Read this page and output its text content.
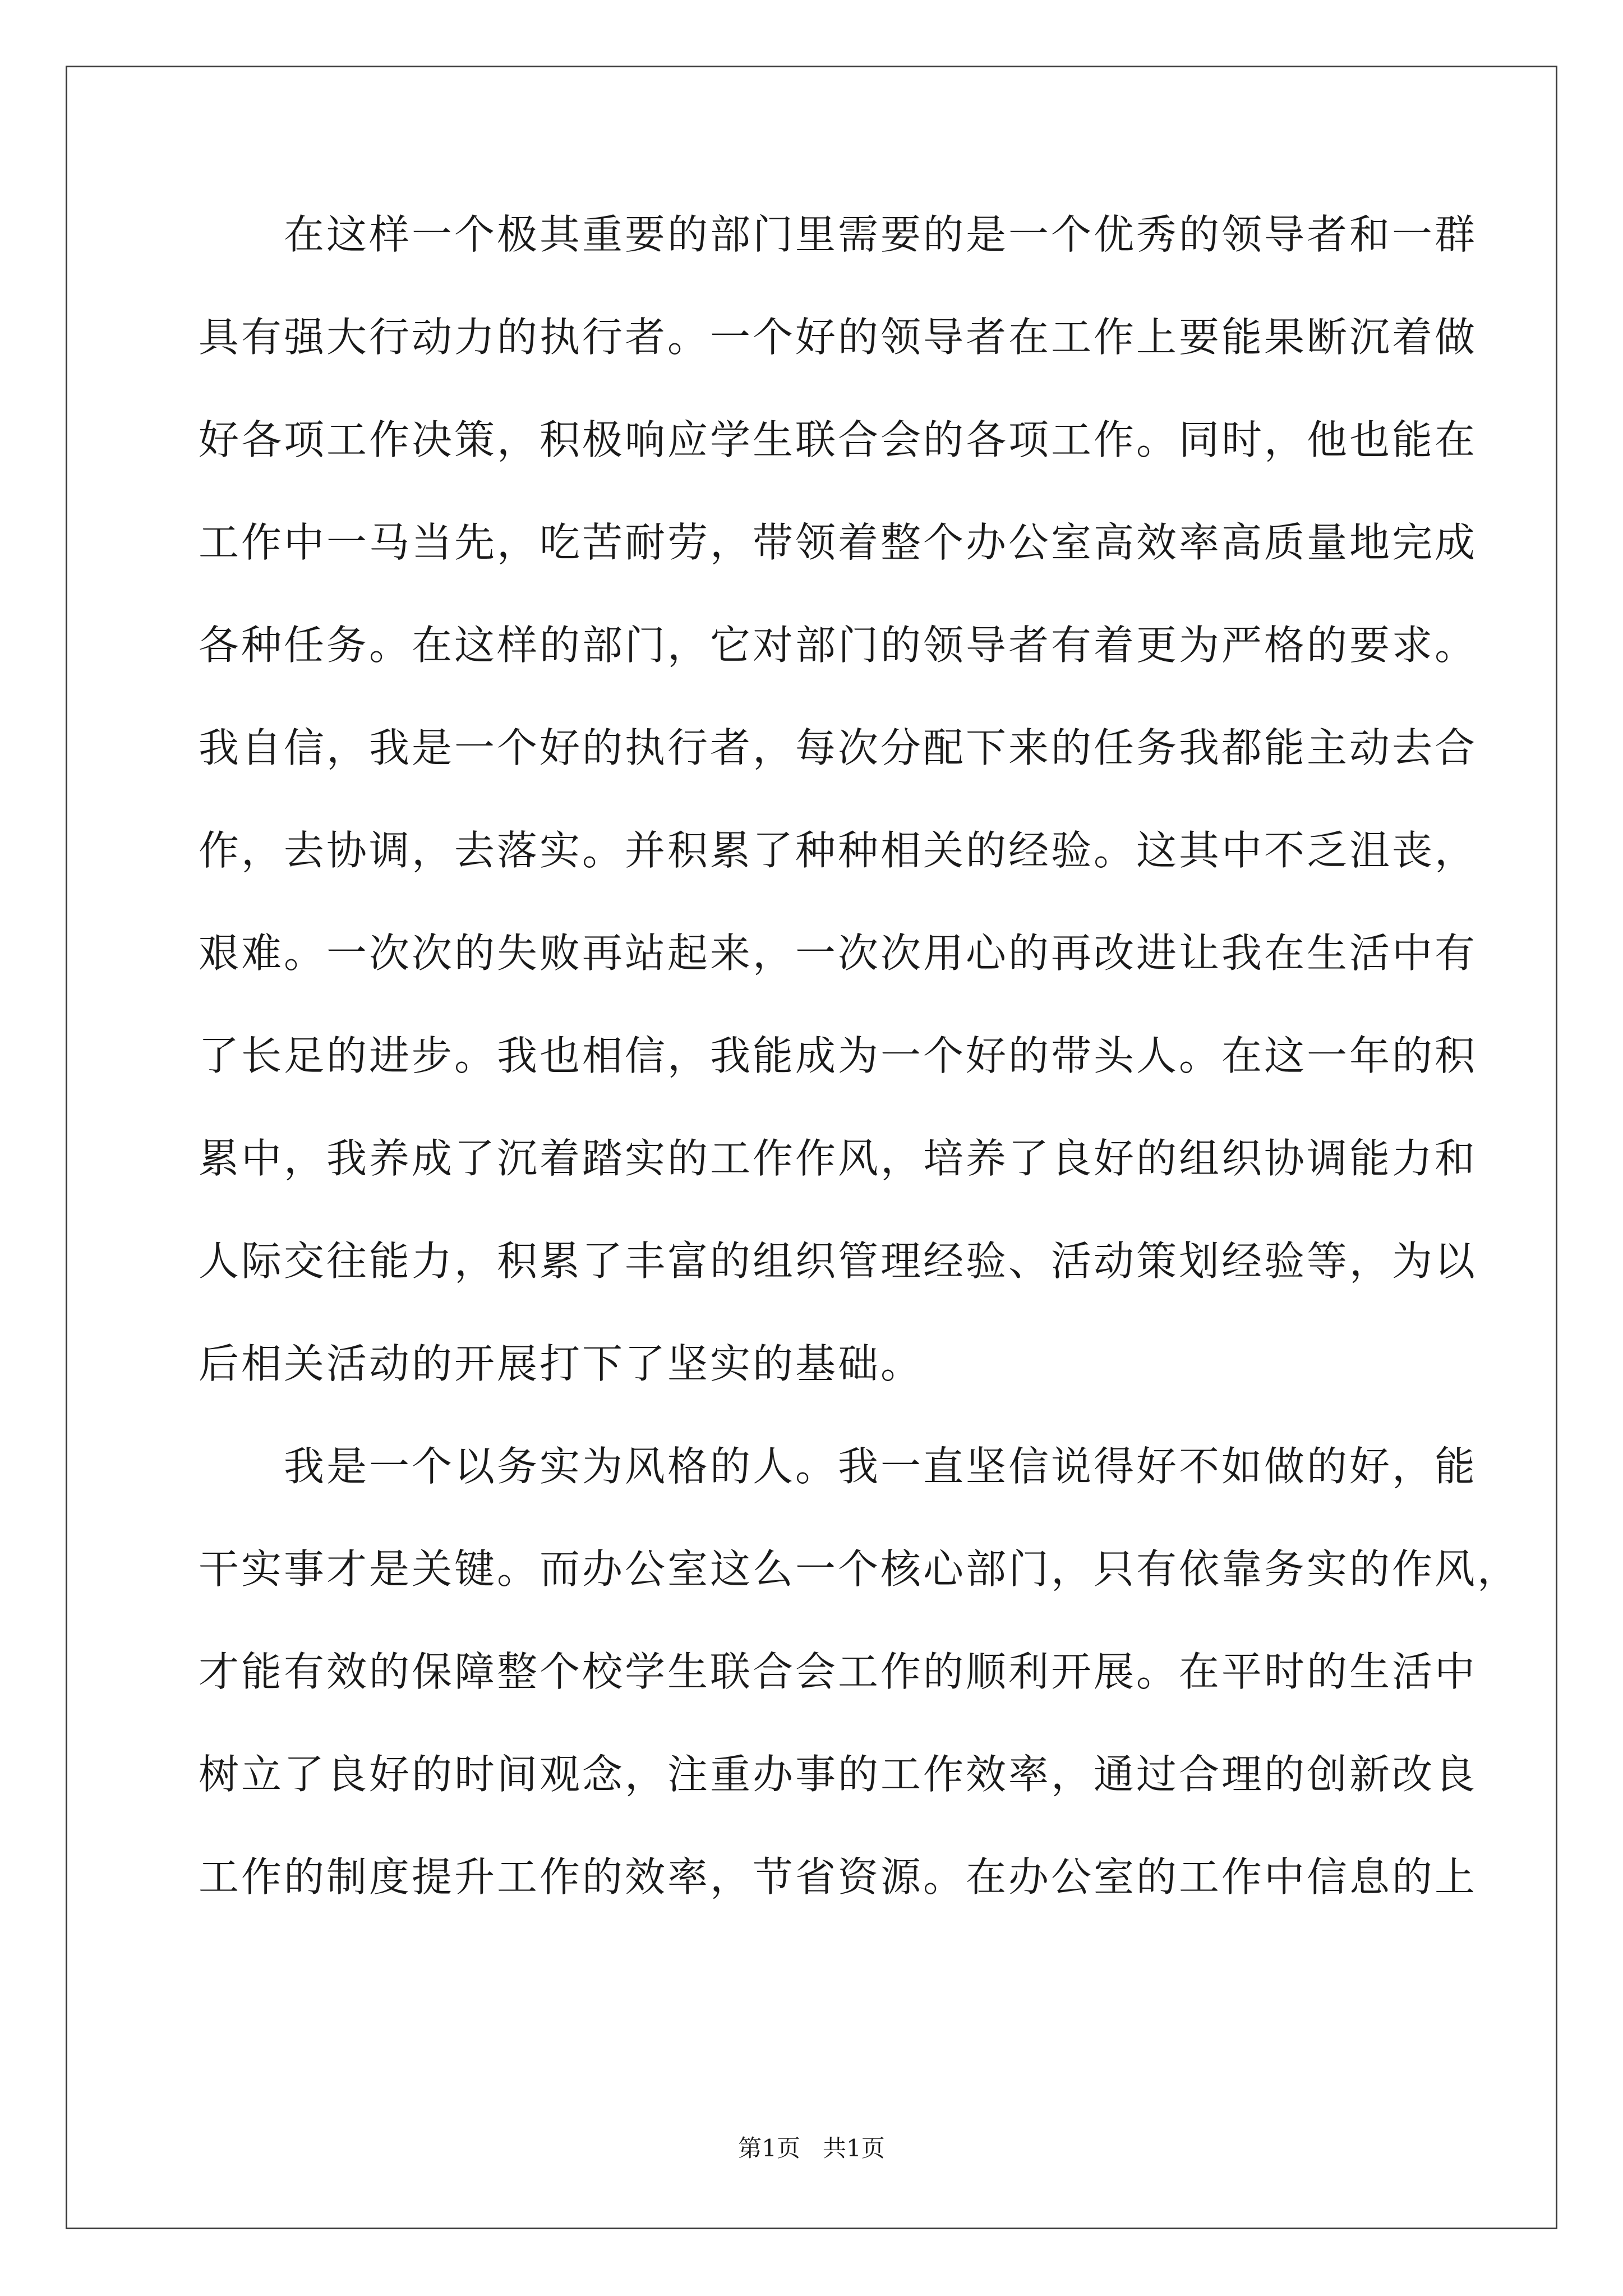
在这样一个极其重要的部门里需要的是一个优秀的领导者和一群
具有强大行动力的执行者。一个好的领导者在工作上要能果断沉着做
好各项工作决策，积极响应学生联合会的各项工作。同时，他也能在
工作中一马当先，吃苦耐劳，带领着整个办公室高效率高质量地完成
各种任务。在这样的部门，它对部门的领导者有着更为严格的要求。
我自信，我是一个好的执行者，每次分配下来的任务我都能主动去合
作，去协调，去落实。并积累了种种相关的经验。这其中不乏沮丧，
艰难。一次次的失败再站起来，一次次用心的再改进让我在生活中有
了长足的进步。我也相信，我能成为一个好的带头人。在这一年的积
累中，我养成了沉着踏实的工作作风，培养了良好的组织协调能力和
人际交往能力，积累了丰富的组织管理经验、活动策划经验等，为以
后相关活动的开展打下了坚实的基础。
我是一个以务实为风格的人。我一直坚信说得好不如做的好，能
干实事才是关键。而办公室这么一个核心部门，只有依靠务实的作风，
才能有效的保障整个校学生联合会工作的顺利开展。在平时的生活中
树立了良好的时间观念，注重办事的工作效率，通过合理的创新改良
工作的制度提升工作的效率，节省资源。在办公室的工作中信息的上
第1页 共1页
